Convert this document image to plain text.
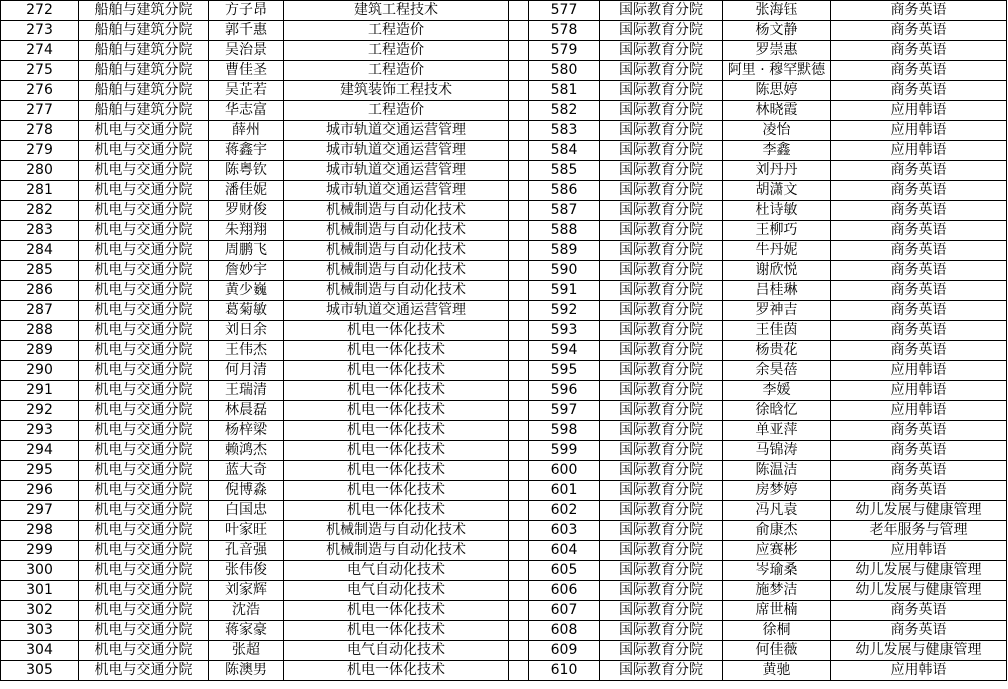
272	船舶与建筑分院	方子昂	建筑工程技术		577	国际教育分院	张海钰	商务英语
273	船舶与建筑分院	郭千惠	工程造价		578	国际教育分院	杨文静	商务英语
274	船舶与建筑分院	吴治景	工程造价		579	国际教育分院	罗崇惠	商务英语
275	船舶与建筑分院	曹佳圣	工程造价		580	国际教育分院	阿里 · 穆罕默德	商务英语
276	船舶与建筑分院	吴芷若	建筑装饰工程技术		581	国际教育分院	陈思婷	商务英语
277	船舶与建筑分院	华志富	工程造价		582	国际教育分院	林晓霞	应用韩语
278	机电与交通分院	薛州	城市轨道交通运营管理		583	国际教育分院	凌怡	应用韩语
279	机电与交通分院	蒋鑫宇	城市轨道交通运营管理		584	国际教育分院	李鑫	应用韩语
280	机电与交通分院	陈粤钦	城市轨道交通运营管理		585	国际教育分院	刘丹丹	商务英语
281	机电与交通分院	潘佳妮	城市轨道交通运营管理		586	国际教育分院	胡潇文	商务英语
282	机电与交通分院	罗财俊	机械制造与自动化技术		587	国际教育分院	杜诗敏	商务英语
283	机电与交通分院	朱翔翔	机械制造与自动化技术		588	国际教育分院	王柳巧	商务英语
284	机电与交通分院	周鹏飞	机械制造与自动化技术		589	国际教育分院	牛丹妮	商务英语
285	机电与交通分院	詹妙宇	机械制造与自动化技术		590	国际教育分院	谢欣悦	商务英语
286	机电与交通分院	黄少巍	机械制造与自动化技术		591	国际教育分院	吕桂琳	商务英语
287	机电与交通分院	葛菊敏	城市轨道交通运营管理		592	国际教育分院	罗神吉	商务英语
288	机电与交通分院	刘日余	机电一体化技术		593	国际教育分院	王佳茵	商务英语
289	机电与交通分院	王伟杰	机电一体化技术		594	国际教育分院	杨贵花	商务英语
290	机电与交通分院	何月清	机电一体化技术		595	国际教育分院	余昊蓓	应用韩语
291	机电与交通分院	王瑞清	机电一体化技术		596	国际教育分院	李媛	应用韩语
292	机电与交通分院	林晨磊	机电一体化技术		597	国际教育分院	徐晗忆	应用韩语
293	机电与交通分院	杨梓梁	机电一体化技术		598	国际教育分院	单亚萍	商务英语
294	机电与交通分院	赖鸿杰	机电一体化技术		599	国际教育分院	马锦涛	商务英语
295	机电与交通分院	蓝大奇	机电一体化技术		600	国际教育分院	陈温洁	商务英语
296	机电与交通分院	倪博淼	机电一体化技术		601	国际教育分院	房梦婷	商务英语
297	机电与交通分院	白国忠	机电一体化技术		602	国际教育分院	冯凡袁	幼儿发展与健康管理
298	机电与交通分院	叶家旺	机械制造与自动化技术		603	国际教育分院	俞康杰	老年服务与管理
299	机电与交通分院	孔音强	机械制造与自动化技术		604	国际教育分院	应赛彬	应用韩语
300	机电与交通分院	张伟俊	电气自动化技术		605	国际教育分院	岑瑜桑	幼儿发展与健康管理
301	机电与交通分院	刘家辉	电气自动化技术		606	国际教育分院	施梦洁	幼儿发展与健康管理
302	机电与交通分院	沈浩	机电一体化技术		607	国际教育分院	席世楠	商务英语
303	机电与交通分院	蒋家豪	机电一体化技术		608	国际教育分院	徐桐	商务英语
304	机电与交通分院	张超	电气自动化技术		609	国际教育分院	何佳薇	幼儿发展与健康管理
305	机电与交通分院	陈澳男	机电一体化技术		610	国际教育分院	黄驰	应用韩语
